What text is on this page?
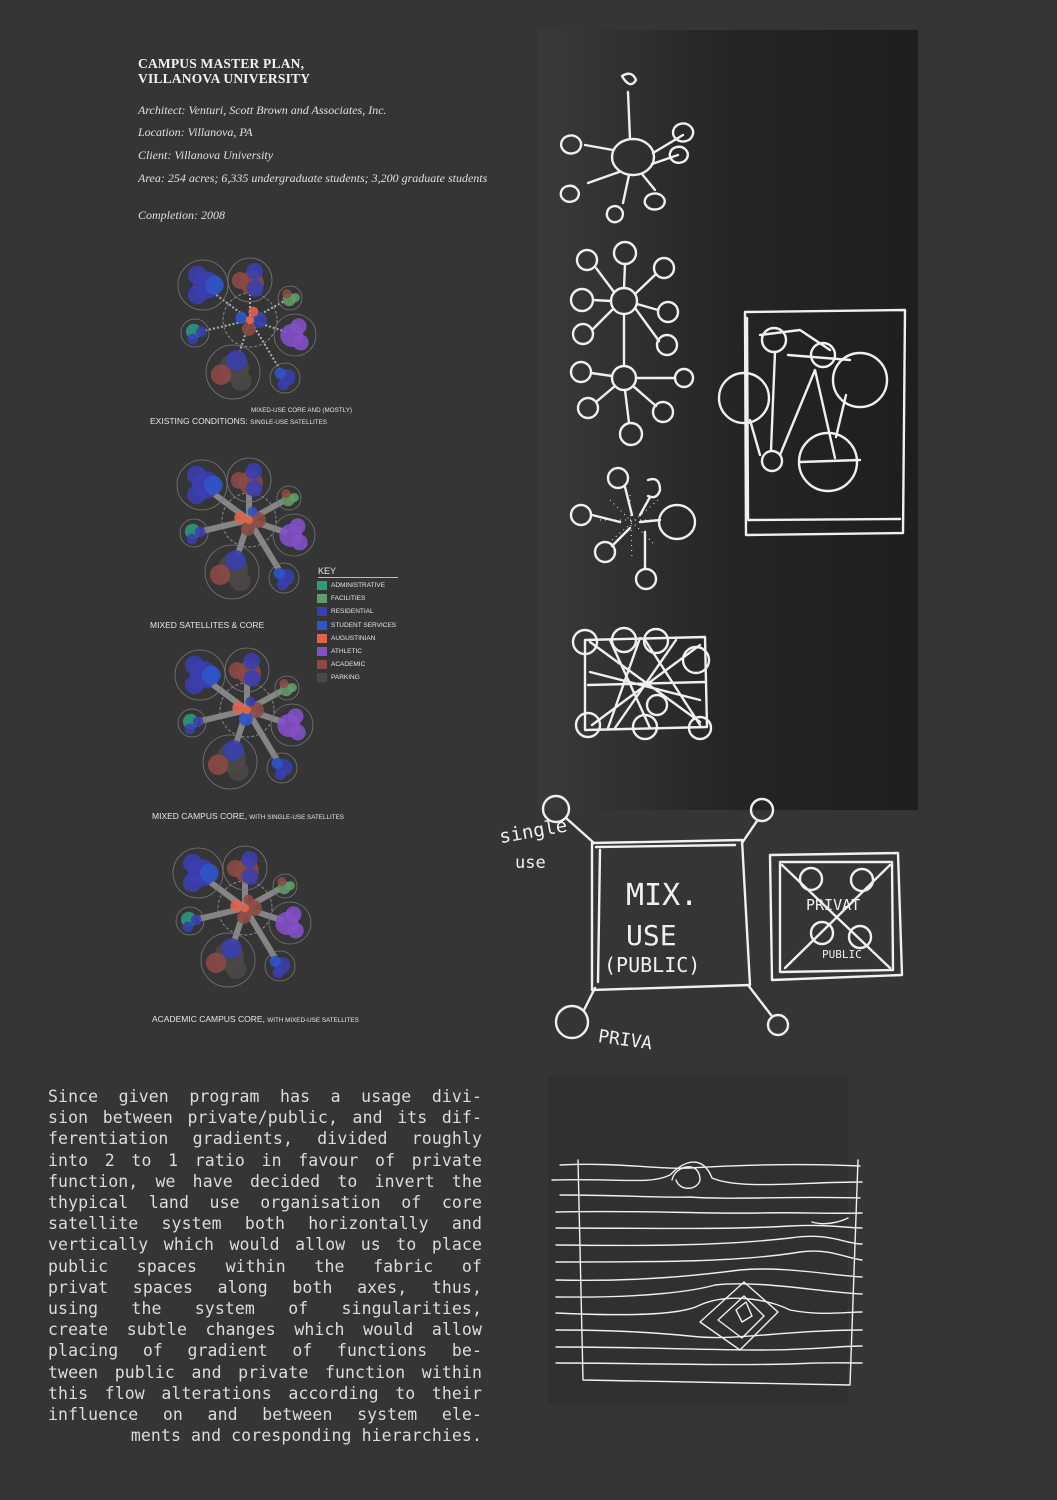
CAMPUS MASTER PLAN,
VILLANOVA UNIVERSITY
Architect: Venturi, Scott Brown and Associates, Inc.
Location: Villanova, PA
Client: Villanova University
Area: 254 acres; 6,335 undergraduate students; 3,200 graduate students
Completion: 2008
MIXED-USE CORE AND (MOSTLY)
EXISTING CONDITIONS: SINGLE-USE SATELLITES
MIXED SATELLITES & CORE
MIXED CAMPUS CORE, WITH SINGLE-USE SATELLITES
ACADEMIC CAMPUS CORE, WITH MIXED-USE SATELLITES
KEY
ADMINISTRATIVE
FACILITIES
RESIDENTIAL
STUDENT SERVICES
AUGUSTINIAN
ATHLETIC
ACADEMIC
PARKING
single
use
MIX.
USE
(PUBLIC)
PRIVA
PRIVAT
PUBLIC
Since given program has a usage divi-
sion between private/public, and its dif-
ferentiation gradients, divided roughly
into 2 to 1 ratio in favour of private
function, we have decided to invert the
thypical land use organisation of core
satellite system both horizontally and
vertically which would allow us to place
public spaces within the fabric of
privat spaces along both axes, thus,
using the system of singularities,
create subtle changes which would allow
placing of gradient of functions be-
tween public and private function within
this flow alterations according to their
influence on and between system ele-
ments and coresponding hierarchies.
